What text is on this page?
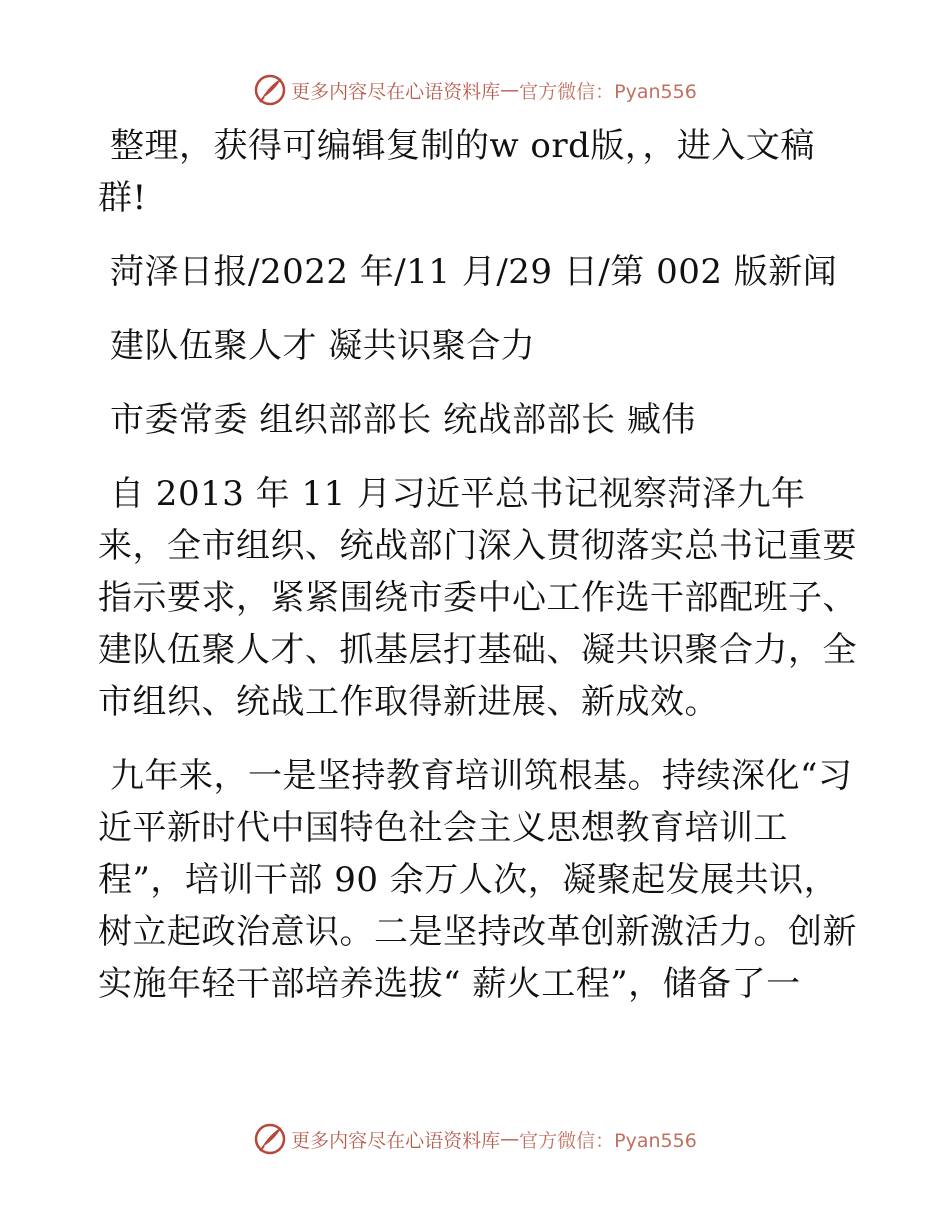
更多内容尽在心语资料库 — 官方微信：Pyan556

整理，获得可编辑复制的w ord版，，进入文稿群!

菏泽日报/2022 年/11 月/29 日/第 002 版新闻

建队伍聚人才 凝共识聚合力

市委常委 组织部部长 统战部部长 臧伟

自 2013 年 11 月习近平总书记视察菏泽九年来，全市组织、统战部门深入贯彻落实总书记重要指示要求，紧紧围绕市委中心工作选干部配班子、建队伍聚人才、抓基层打基础、凝共识聚合力，全市组织、统战工作取得新进展、新成效。

九年来，一是坚持教育培训筑根基。持续深化“习近平新时代中国特色社会主义思想教育培训工程”，培训干部 90 余万人次，凝聚起发展共识，树立起政治意识。二是坚持改革创新激活力。创新实施年轻干部培养选拔“ 薪火工程”，储备了一

更多内容尽在心语资料库 — 官方微信：Pyan556
